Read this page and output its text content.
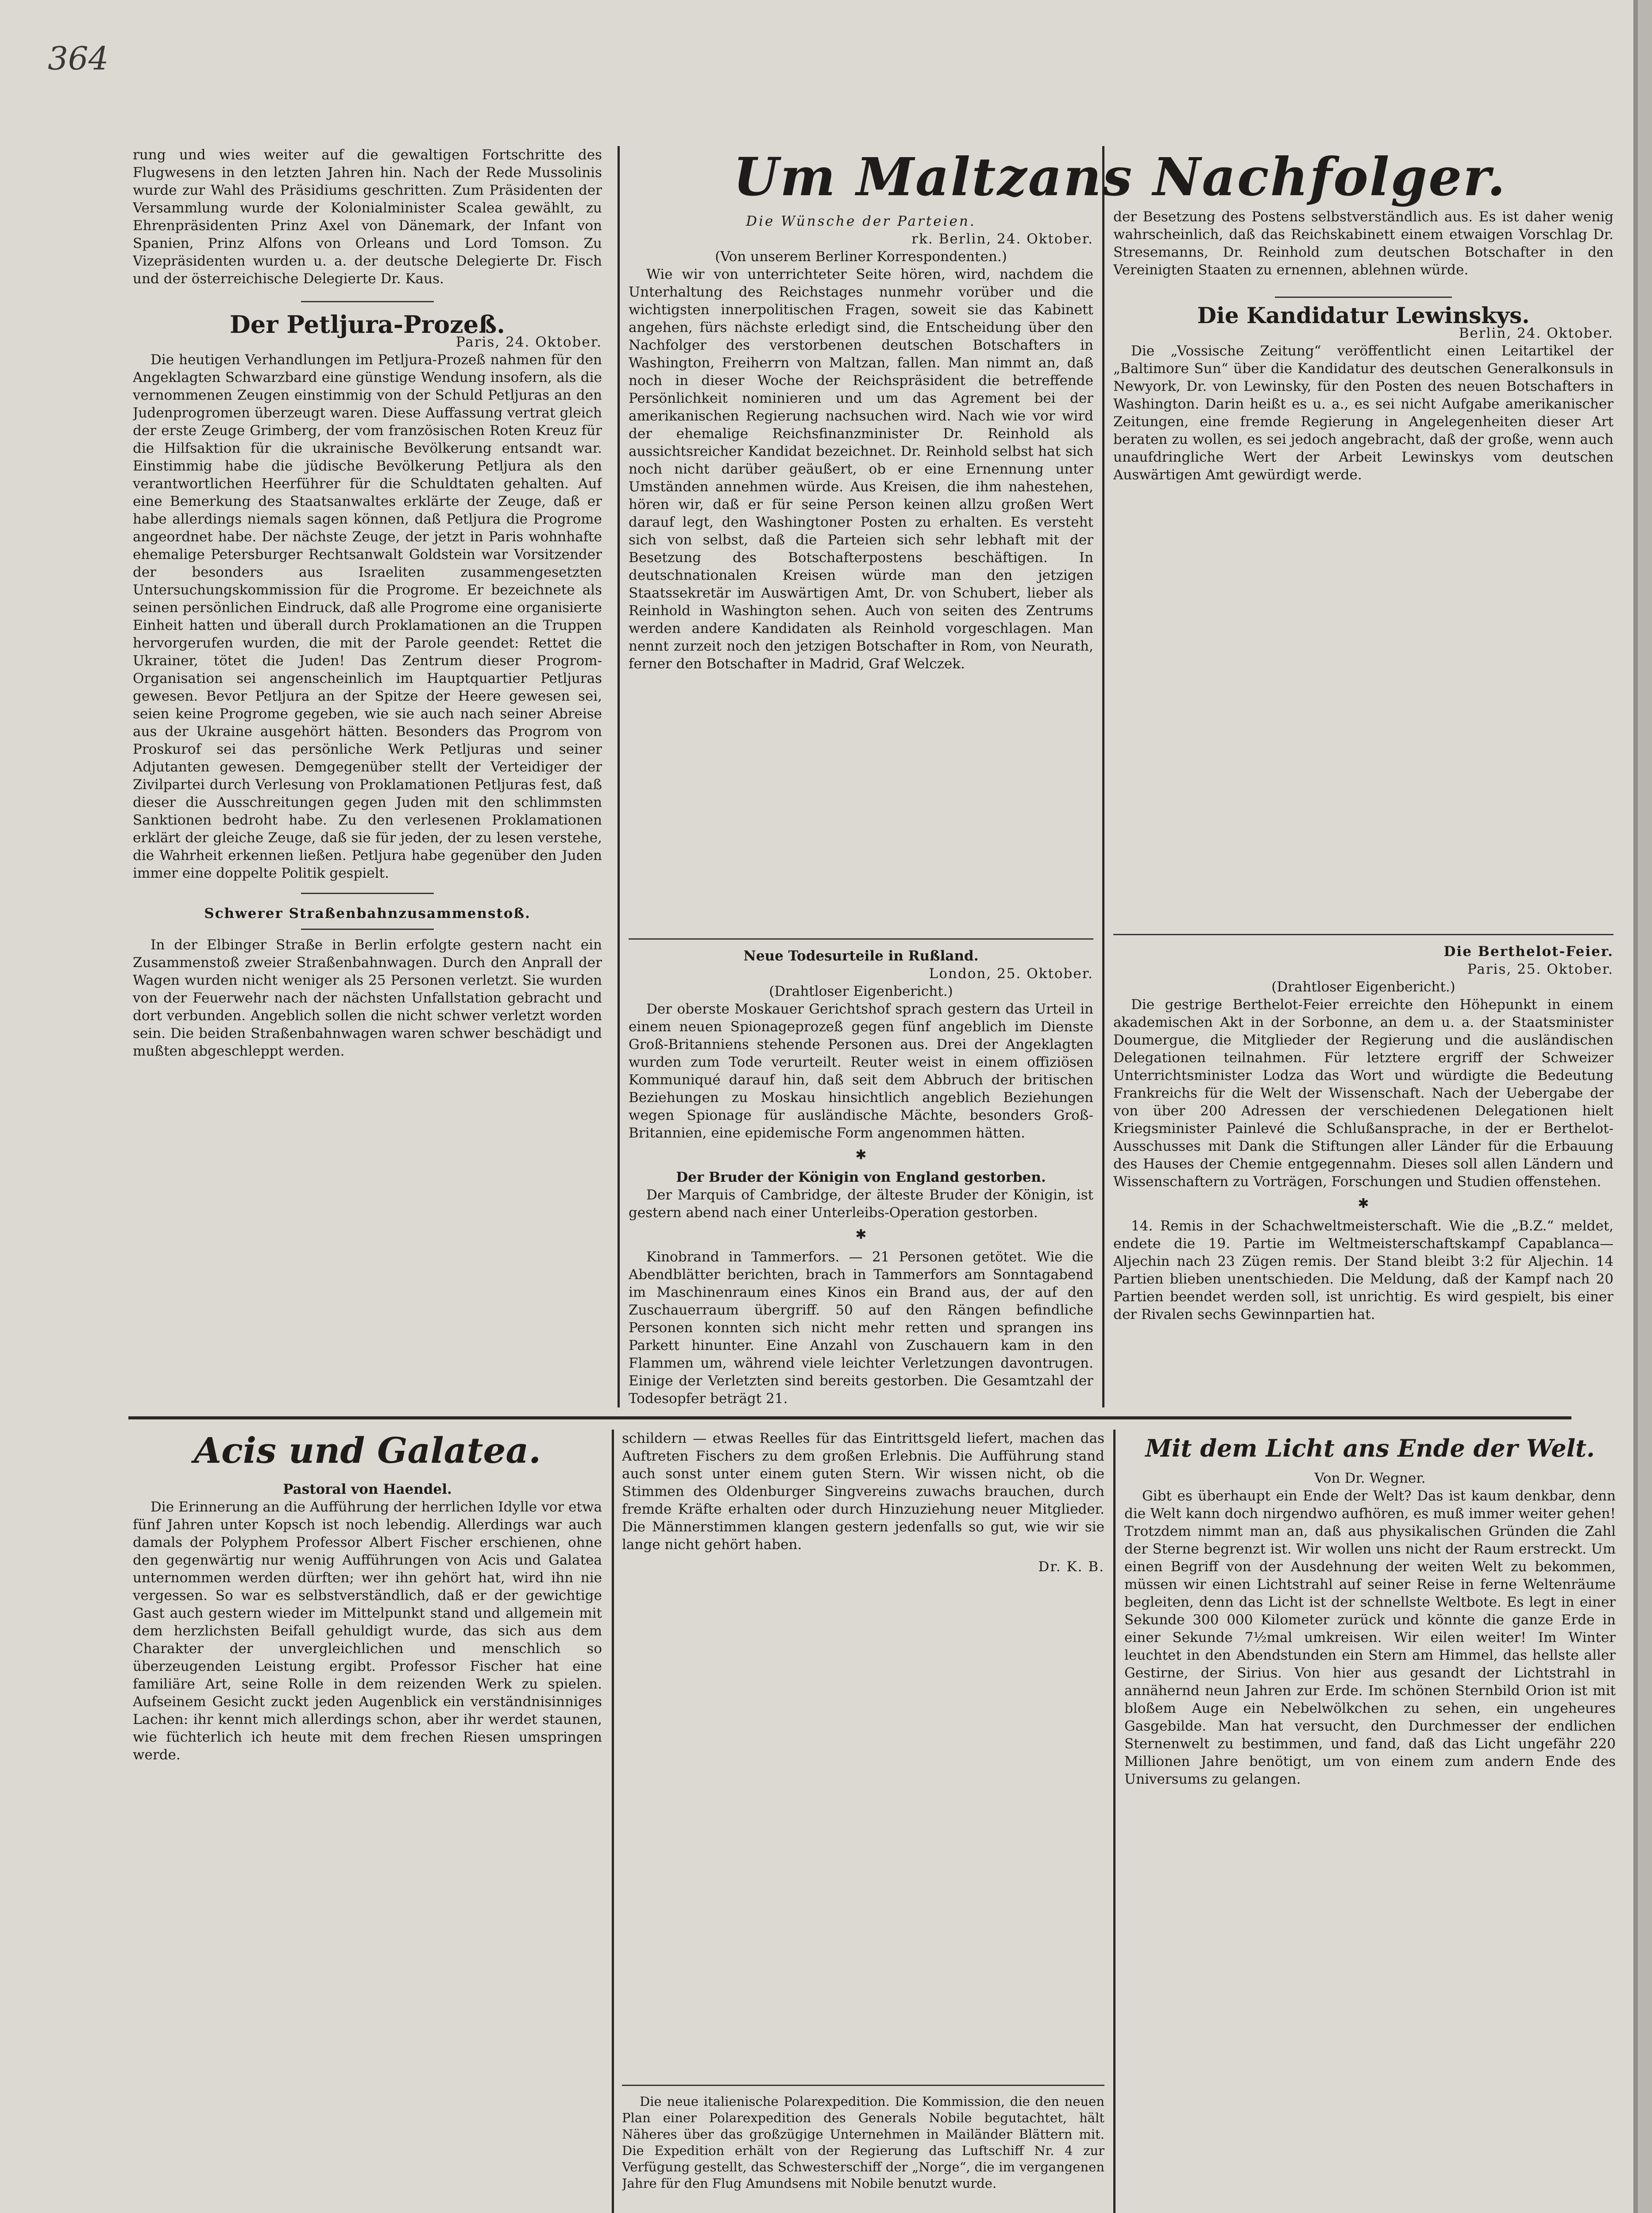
364

rung und wies weiter auf die gewaltigen Fortschritte des Flugwesens in den letzten Jahren hin. Nach der Rede Mussolinis wurde zur Wahl des Präsidiums geschritten. Zum Präsidenten der Versammlung wurde der Kolonialminister Scalea gewählt, zu Ehrenpräsidenten Prinz Axel von Dänemark, der Infant von Spanien, Prinz Alfons von Orleans und Lord Tomson. Zu Vizepräsidenten wurden u. a. der deutsche Delegierte Dr. Fisch und der österreichische Delegierte Dr. Kaus.

Der Petljura-Prozeß.
Paris, 24. Oktober.

Die heutigen Verhandlungen im Petljura-Prozeß nahmen für den Angeklagten Schwarzbard eine günstige Wendung insofern, als die vernommenen Zeugen einstimmig von der Schuld Petljuras an den Judenprogromen überzeugt waren. Diese Auffassung vertrat gleich der erste Zeuge Grimberg, der vom französischen Roten Kreuz für die Hilfsaktion für die ukrainische Bevölkerung entsandt war. Einstimmig habe die jüdische Bevölkerung Petljura als den verantwortlichen Heerführer für die Schuldtaten gehalten. Auf eine Bemerkung des Staatsanwaltes erklärte der Zeuge, daß er habe allerdings niemals sagen können, daß Petljura die Progrome angeordnet habe. Der nächste Zeuge, der jetzt in Paris wohnhafte ehemalige Petersburger Rechtsanwalt Goldstein war Vorsitzender der besonders aus Israeliten zusammengesetzten Untersuchungskommission für die Progrome. Er bezeichnete als seinen persönlichen Eindruck, daß alle Progrome eine organisierte Einheit hatten und überall durch Proklamationen an die Truppen hervorgerufen wurden, die mit der Parole geendet: Rettet die Ukrainer, tötet die Juden! Das Zentrum dieser Progrom-Organisation sei angenscheinlich im Hauptquartier Petljuras gewesen. Bevor Petljura an der Spitze der Heere gewesen sei, seien keine Progrome gegeben, wie sie auch nach seiner Abreise aus der Ukraine ausgehört hätten. Besonders das Progrom von Proskurof sei das persönliche Werk Petljuras und seiner Adjutanten gewesen. Demgegenüber stellt der Verteidiger der Zivilpartei durch Verlesung von Proklamationen Petljuras fest, daß dieser die Ausschreitungen gegen Juden mit den schlimmsten Sanktionen bedroht habe. Zu den verlesenen Proklamationen erklärt der gleiche Zeuge, daß sie für jeden, der zu lesen verstehe, die Wahrheit erkennen ließen. Petljura habe gegenüber den Juden immer eine doppelte Politik gespielt.

Schwerer Straßenbahnzusammenstoß.

In der Elbinger Straße in Berlin erfolgte gestern nacht ein Zusammenstoß zweier Straßenbahnwagen. Durch den Anprall der Wagen wurden nicht weniger als 25 Personen verletzt. Sie wurden von der Feuerwehr nach der nächsten Unfallstation gebracht und dort verbunden. Angeblich sollen die nicht schwer verletzt worden sein. Die beiden Straßenbahnwagen waren schwer beschädigt und mußten abgeschleppt werden.

Um Maltzans Nachfolger.
Die Wünsche der Parteien.
rk. Berlin, 24. Oktober.
(Von unserem Berliner Korrespondenten.)

Wie wir von unterrichteter Seite hören, wird, nachdem die Unterhaltung des Reichstages nunmehr vorüber und die wichtigsten innerpolitischen Fragen, soweit sie das Kabinett angehen, fürs nächste erledigt sind, die Entscheidung über den Nachfolger des verstorbenen deutschen Botschafters in Washington, Freiherrn von Maltzan, fallen. Man nimmt an, daß noch in dieser Woche der Reichspräsident die betreffende Persönlichkeit nominieren und um das Agrement bei der amerikanischen Regierung nachsuchen wird. Nach wie vor wird der ehemalige Reichsfinanzminister Dr. Reinhold als aussichtsreicher Kandidat bezeichnet. Dr. Reinhold selbst hat sich noch nicht darüber geäußert, ob er eine Ernennung unter Umständen annehmen würde. Aus Kreisen, die ihm nahestehen, hören wir, daß er für seine Person keinen allzu großen Wert darauf legt, den Washingtoner Posten zu erhalten. Es versteht sich von selbst, daß die Parteien sich sehr lebhaft mit der Besetzung des Botschafterpostens beschäftigen. In deutschnationalen Kreisen würde man den jetzigen Staatssekretär im Auswärtigen Amt, Dr. von Schubert, lieber als Reinhold in Washington sehen. Auch von seiten des Zentrums werden andere Kandidaten als Reinhold vorgeschlagen. Man nennt zurzeit noch den jetzigen Botschafter in Rom, von Neurath, ferner den Botschafter in Madrid, Graf Welczek.

Neue Todesurteile in Rußland.
London, 25. Oktober.
(Drahtloser Eigenbericht.)

Der oberste Moskauer Gerichtshof sprach gestern das Urteil in einem neuen Spionageprozeß gegen fünf angeblich im Dienste Groß-Britanniens stehende Personen aus. Drei der Angeklagten wurden zum Tode verurteilt. Reuter weist in einem offiziösen Kommuniqué darauf hin, daß seit dem Abbruch der britischen Beziehungen zu Moskau hinsichtlich angeblich Beziehungen wegen Spionage für ausländische Mächte, besonders Groß-Britannien, eine epidemische Form angenommen hätten.

✱
Der Bruder der Königin von England gestorben.

Der Marquis of Cambridge, der älteste Bruder der Königin, ist gestern abend nach einer Unterleibs-Operation gestorben.

✱

Kinobrand in Tammerfors. — 21 Personen getötet. Wie die Abendblätter berichten, brach in Tammerfors am Sonntagabend im Maschinenraum eines Kinos ein Brand aus, der auf den Zuschauerraum übergriff. 50 auf den Rängen befindliche Personen konnten sich nicht mehr retten und sprangen ins Parkett hinunter. Eine Anzahl von Zuschauern kam in den Flammen um, während viele leichter Verletzungen davontrugen. Einige der Verletzten sind bereits gestorben. Die Gesamtzahl der Todesopfer beträgt 21.

der Besetzung des Postens selbstverständlich aus. Es ist daher wenig wahrscheinlich, daß das Reichskabinett einem etwaigen Vorschlag Dr. Stresemanns, Dr. Reinhold zum deutschen Botschafter in den Vereinigten Staaten zu ernennen, ablehnen würde.

Die Kandidatur Lewinskys.
Berlin, 24. Oktober.

Die „Vossische Zeitung“ veröffentlicht einen Leitartikel der „Baltimore Sun“ über die Kandidatur des deutschen Generalkonsuls in Newyork, Dr. von Lewinsky, für den Posten des neuen Botschafters in Washington. Darin heißt es u. a., es sei nicht Aufgabe amerikanischer Zeitungen, eine fremde Regierung in Angelegenheiten dieser Art beraten zu wollen, es sei jedoch angebracht, daß der große, wenn auch unaufdringliche Wert der Arbeit Lewinskys vom deutschen Auswärtigen Amt gewürdigt werde.

Die Berthelot-Feier.
Paris, 25. Oktober.
(Drahtloser Eigenbericht.)

Die gestrige Berthelot-Feier erreichte den Höhepunkt in einem akademischen Akt in der Sorbonne, an dem u. a. der Staatsminister Doumergue, die Mitglieder der Regierung und die ausländischen Delegationen teilnahmen. Für letztere ergriff der Schweizer Unterrichtsminister Lodza das Wort und würdigte die Bedeutung Frankreichs für die Welt der Wissenschaft. Nach der Uebergabe der von über 200 Adressen der verschiedenen Delegationen hielt Kriegsminister Painlevé die Schlußansprache, in der er Berthelot-Ausschusses mit Dank die Stiftungen aller Länder für die Erbauung des Hauses der Chemie entgegennahm. Dieses soll allen Ländern und Wissenschaftern zu Vorträgen, Forschungen und Studien offenstehen.

✱

14. Remis in der Schachweltmeisterschaft. Wie die „B.Z.“ meldet, endete die 19. Partie im Weltmeisterschaftskampf Capablanca—Aljechin nach 23 Zügen remis. Der Stand bleibt 3:2 für Aljechin. 14 Partien blieben unentschieden. Die Meldung, daß der Kampf nach 20 Partien beendet werden soll, ist unrichtig. Es wird gespielt, bis einer der Rivalen sechs Gewinnpartien hat.

Acis und Galatea.
Pastoral von Haendel.

Die Erinnerung an die Aufführung der herrlichen Idylle vor etwa fünf Jahren unter Kopsch ist noch lebendig. Allerdings war auch damals der Polyphem Professor Albert Fischer erschienen, ohne den gegenwärtig nur wenig Aufführungen von Acis und Galatea unternommen werden dürften; wer ihn gehört hat, wird ihn nie vergessen. So war es selbstverständlich, daß er der gewichtige Gast auch gestern wieder im Mittelpunkt stand und allgemein mit dem herzlichsten Beifall gehuldigt wurde, das sich aus dem Charakter der unvergleichlichen und menschlich so überzeugenden Leistung ergibt. Professor Fischer hat eine familiäre Art, seine Rolle in dem reizenden Werk zu spielen. Aufseinem Gesicht zuckt jeden Augenblick ein verständnisinniges Lachen: ihr kennt mich allerdings schon, aber ihr werdet staunen, wie füchterlich ich heute mit dem frechen Riesen umspringen werde.

schildern — etwas Reelles für das Eintrittsgeld liefert, machen das Auftreten Fischers zu dem großen Erlebnis. Die Aufführung stand auch sonst unter einem guten Stern. Wir wissen nicht, ob die Stimmen des Oldenburger Singvereins zuwachs brauchen, durch fremde Kräfte erhalten oder durch Hinzuziehung neuer Mitglieder. Die Männerstimmen klangen gestern jedenfalls so gut, wie wir sie lange nicht gehört haben.

Dr. K. B.

Die neue italienische Polarexpedition. Die Kommission, die den neuen Plan einer Polarexpedition des Generals Nobile begutachtet, hält Näheres über das großzügige Unternehmen in Mailänder Blättern mit. Die Expedition erhält von der Regierung das Luftschiff Nr. 4 zur Verfügung gestellt, das Schwesterschiff der „Norge“, die im vergangenen Jahre für den Flug Amundsens mit Nobile benutzt wurde.

Mit dem Licht ans Ende der Welt.
Von Dr. Wegner.

Gibt es überhaupt ein Ende der Welt? Das ist kaum denkbar, denn die Welt kann doch nirgendwo aufhören, es muß immer weiter gehen! Trotzdem nimmt man an, daß aus physikalischen Gründen die Zahl der Sterne begrenzt ist. Wir wollen uns nicht der Raum erstreckt. Um einen Begriff von der Ausdehnung der weiten Welt zu bekommen, müssen wir einen Lichtstrahl auf seiner Reise in ferne Weltenräume begleiten, denn das Licht ist der schnellste Weltbote. Es legt in einer Sekunde 300 000 Kilometer zurück und könnte die ganze Erde in einer Sekunde 7½mal umkreisen. Wir eilen weiter! Im Winter leuchtet in den Abendstunden ein Stern am Himmel, das hellste aller Gestirne, der Sirius. Von hier aus gesandt der Lichtstrahl in annähernd neun Jahren zur Erde. Im schönen Sternbild Orion ist mit bloßem Auge ein Nebelwölkchen zu sehen, ein ungeheures Gasgebilde. Man hat versucht, den Durchmesser der endlichen Sternenwelt zu bestimmen, und fand, daß das Licht ungefähr 220 Millionen Jahre benötigt, um von einem zum andern Ende des Universums zu gelangen.
